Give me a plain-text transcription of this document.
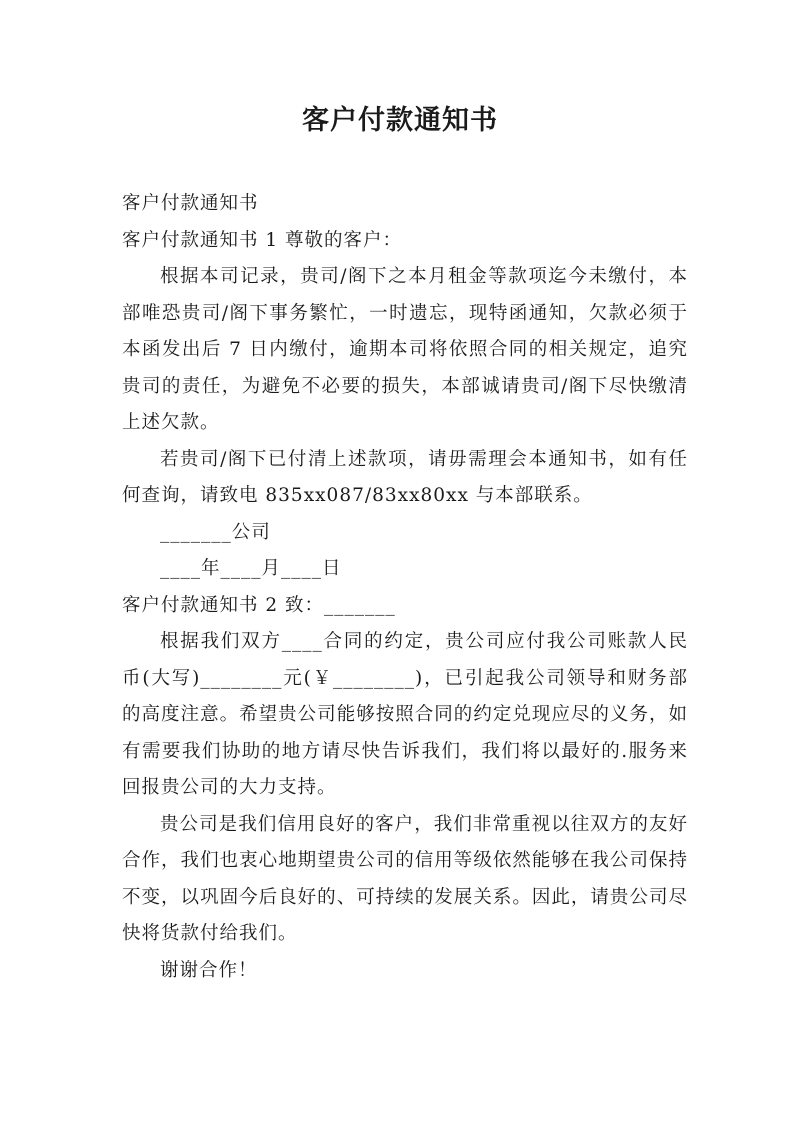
客户付款通知书

客户付款通知书

客户付款通知书 1 尊敬的客户：

根据本司记录，贵司/阁下之本月租金等款项迄今未缴付，本部唯恐贵司/阁下事务繁忙，一时遗忘，现特函通知，欠款必须于本函发出后 7 日内缴付，逾期本司将依照合同的相关规定，追究贵司的责任，为避免不必要的损失，本部诚请贵司/阁下尽快缴清上述欠款。

若贵司/阁下已付清上述款项，请毋需理会本通知书，如有任何查询，请致电 835xx087/83xx80xx 与本部联系。

_______公司

____年____月____日

客户付款通知书 2 致：_______

根据我们双方____合同的约定，贵公司应付我公司账款人民币(大写)________元(￥________)，已引起我公司领导和财务部的高度注意。希望贵公司能够按照合同的约定兑现应尽的义务，如有需要我们协助的地方请尽快告诉我们，我们将以最好的.服务来回报贵公司的大力支持。

贵公司是我们信用良好的客户，我们非常重视以往双方的友好合作，我们也衷心地期望贵公司的信用等级依然能够在我公司保持不变，以巩固今后良好的、可持续的发展关系。因此，请贵公司尽快将货款付给我们。

谢谢合作！
